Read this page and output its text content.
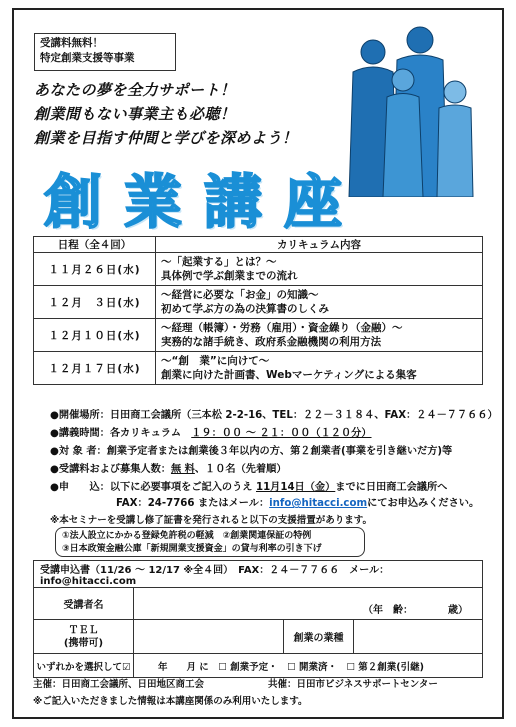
受講料無料！
特定創業支援等事業
あなたの夢を全力サポート！
創業間もない事業主も必聴！
創業を目指す仲間と学びを深めよう！
創業講座
日程（全４回）	カリキュラム内容
１１月２６日(水)	～「起業する」とは？～
具体例で学ぶ創業までの流れ

１２月　３日(水)	～経営に必要な「お金」の知識～
初めて学ぶ方の為の決算書のしくみ

１２月１０日(水)	～経理（帳簿）・労務（雇用）・資金繰り（金融）～
実務的な諸手続き、政府系金融機関の利用方法

１２月１７日(水)	～“創　業”に向けて～
創業に向けた計画書、Webマーケティングによる集客
●開催場所：日田商工会議所（三本松 2-2-16、TEL：２２－３１８４、FAX：２４－７７６６）
●講義時間：各カリキュラム　１９：００ ～ ２１：００（１２０分）
●対 象 者：創業予定者または創業後３年以内の方、第２創業者(事業を引き継いだ方)等
●受講料および募集人数：無 料、１０名（先着順）
●申　　込：以下に必要事項をご記入のうえ 11月14日（金）までに日田商工会議所へ
FAX：24-7766 またはメール：info@hitacci.comにてお申込みください。
※本セミナーを受講し修了証書を発行されると以下の支援措置があります。
①法人設立にかかる登録免許税の軽減　 ②創業関連保証の特例
③日本政策金融公庫「新規開業支援資金」の貸与利率の引き下げ
受講申込書（11/26 ～ 12/17 ※全４回）　FAX：２４－７７６６　メール：info@hitacci.com			
受講者名	（年　齢：　　　　歳）		

ＴＥＬ
(携帯可)		創業の業種	
いずれかを選択して☑	年　　月 に　☐ 創業予定・　☐ 開業済・　☐ 第２創業(引継)		
主催：日田商工会議所、日田地区商工会	共催：日田市ビジネスサポートセンター
※ご記入いただきました情報は本講座関係のみ利用いたします。
